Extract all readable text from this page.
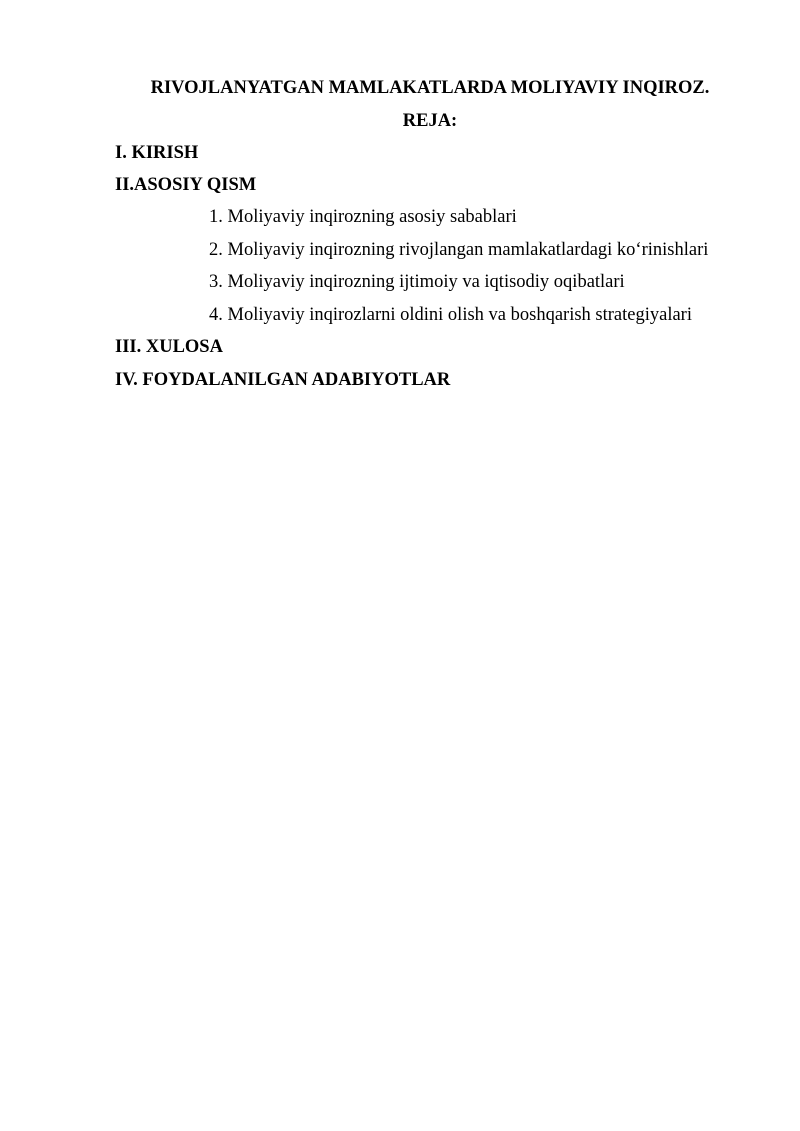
RIVOJLANYATGAN MAMLAKATLARDA MOLIYAVIY INQIROZ.
REJA:
I. KIRISH
II.ASOSIY QISM
1. Moliyaviy inqirozning asosiy sabablari
2. Moliyaviy inqirozning rivojlangan mamlakatlardagi ko‘rinishlari
3. Moliyaviy inqirozning ijtimoiy va iqtisodiy oqibatlari
4. Moliyaviy inqirozlarni oldini olish va boshqarish strategiyalari
III. XULOSA
IV. FOYDALANILGAN ADABIYOTLAR
